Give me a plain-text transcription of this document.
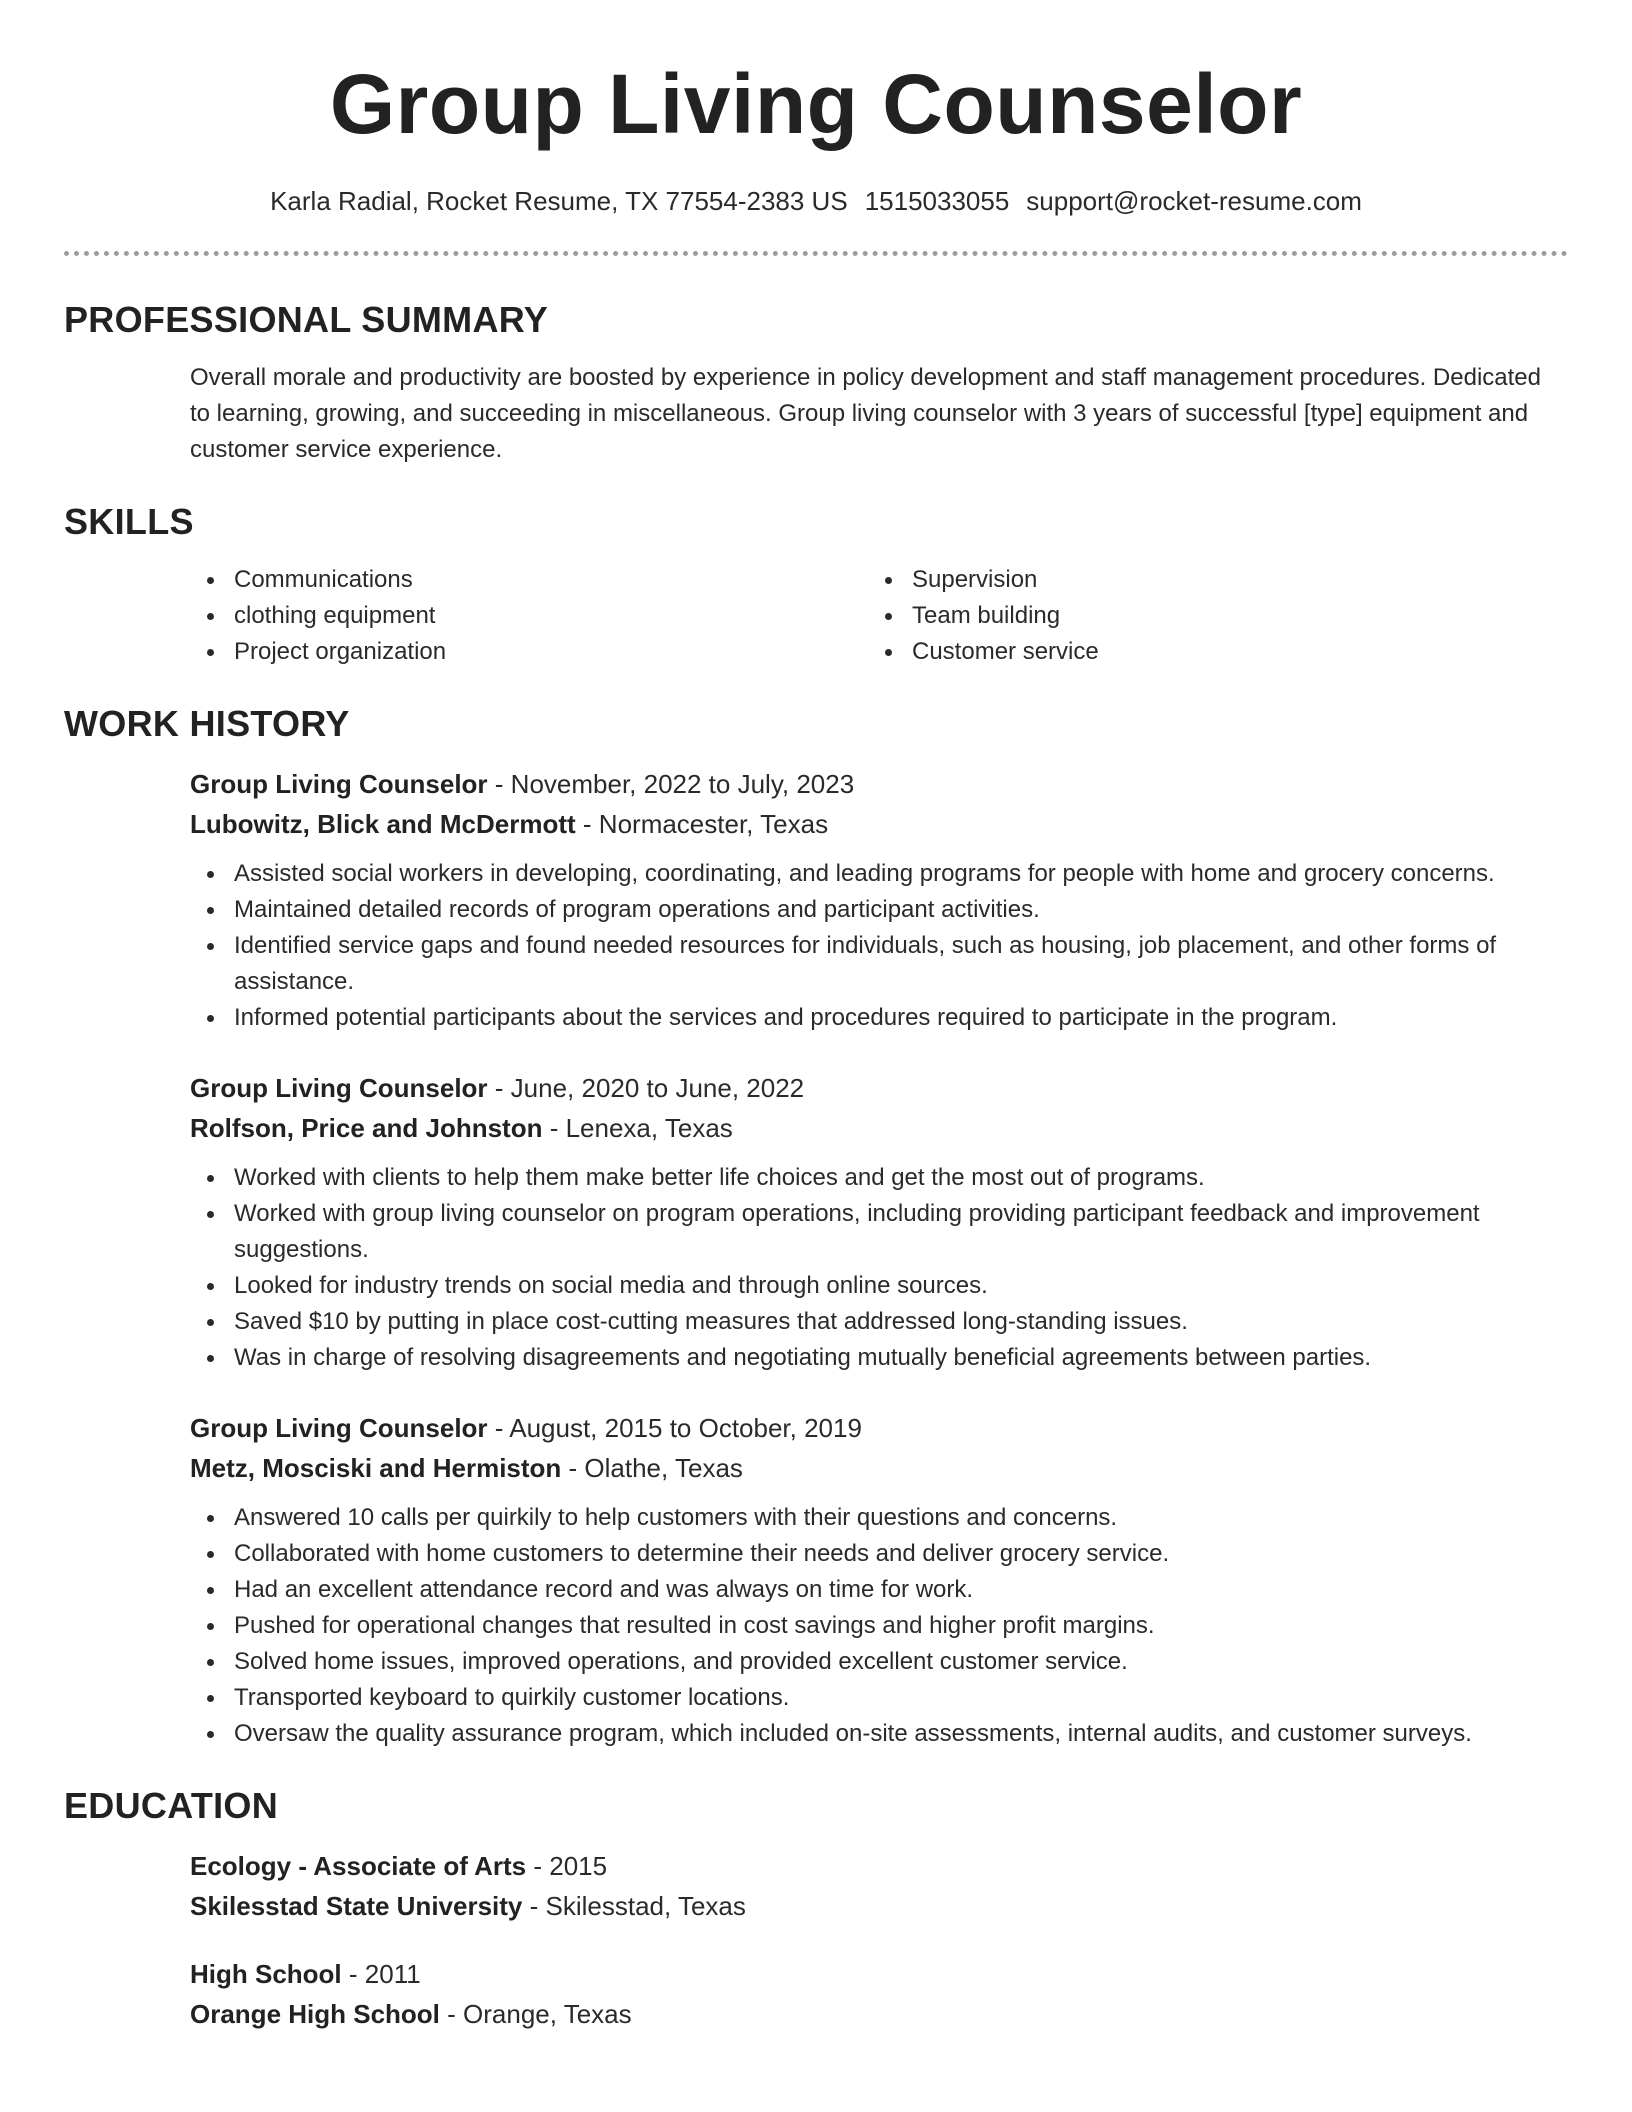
Group Living Counselor
Karla Radial, Rocket Resume, TX 77554-2383 US 1515033055 support@rocket-resume.com
PROFESSIONAL SUMMARY

Overall morale and productivity are boosted by experience in policy development and staff management procedures. Dedicated to learning, growing, and succeeding in miscellaneous. Group living counselor with 3 years of successful [type] equipment and customer service experience.

SKILLS
Communications
clothing equipment
Project organization
Supervision
Team building
Customer service
WORK HISTORY
Group Living Counselor - November, 2022 to July, 2023
Lubowitz, Blick and McDermott - Normacester, Texas
Assisted social workers in developing, coordinating, and leading programs for people with home and grocery concerns.
Maintained detailed records of program operations and participant activities.
Identified service gaps and found needed resources for individuals, such as housing, job placement, and other forms of assistance.
Informed potential participants about the services and procedures required to participate in the program.
Group Living Counselor - June, 2020 to June, 2022
Rolfson, Price and Johnston - Lenexa, Texas
Worked with clients to help them make better life choices and get the most out of programs.
Worked with group living counselor on program operations, including providing participant feedback and improvement suggestions.
Looked for industry trends on social media and through online sources.
Saved $10 by putting in place cost-cutting measures that addressed long-standing issues.
Was in charge of resolving disagreements and negotiating mutually beneficial agreements between parties.
Group Living Counselor - August, 2015 to October, 2019
Metz, Mosciski and Hermiston - Olathe, Texas
Answered 10 calls per quirkily to help customers with their questions and concerns.
Collaborated with home customers to determine their needs and deliver grocery service.
Had an excellent attendance record and was always on time for work.
Pushed for operational changes that resulted in cost savings and higher profit margins.
Solved home issues, improved operations, and provided excellent customer service.
Transported keyboard to quirkily customer locations.
Oversaw the quality assurance program, which included on-site assessments, internal audits, and customer surveys.
EDUCATION
Ecology - Associate of Arts - 2015
Skilesstad State University - Skilesstad, Texas
High School - 2011
Orange High School - Orange, Texas
